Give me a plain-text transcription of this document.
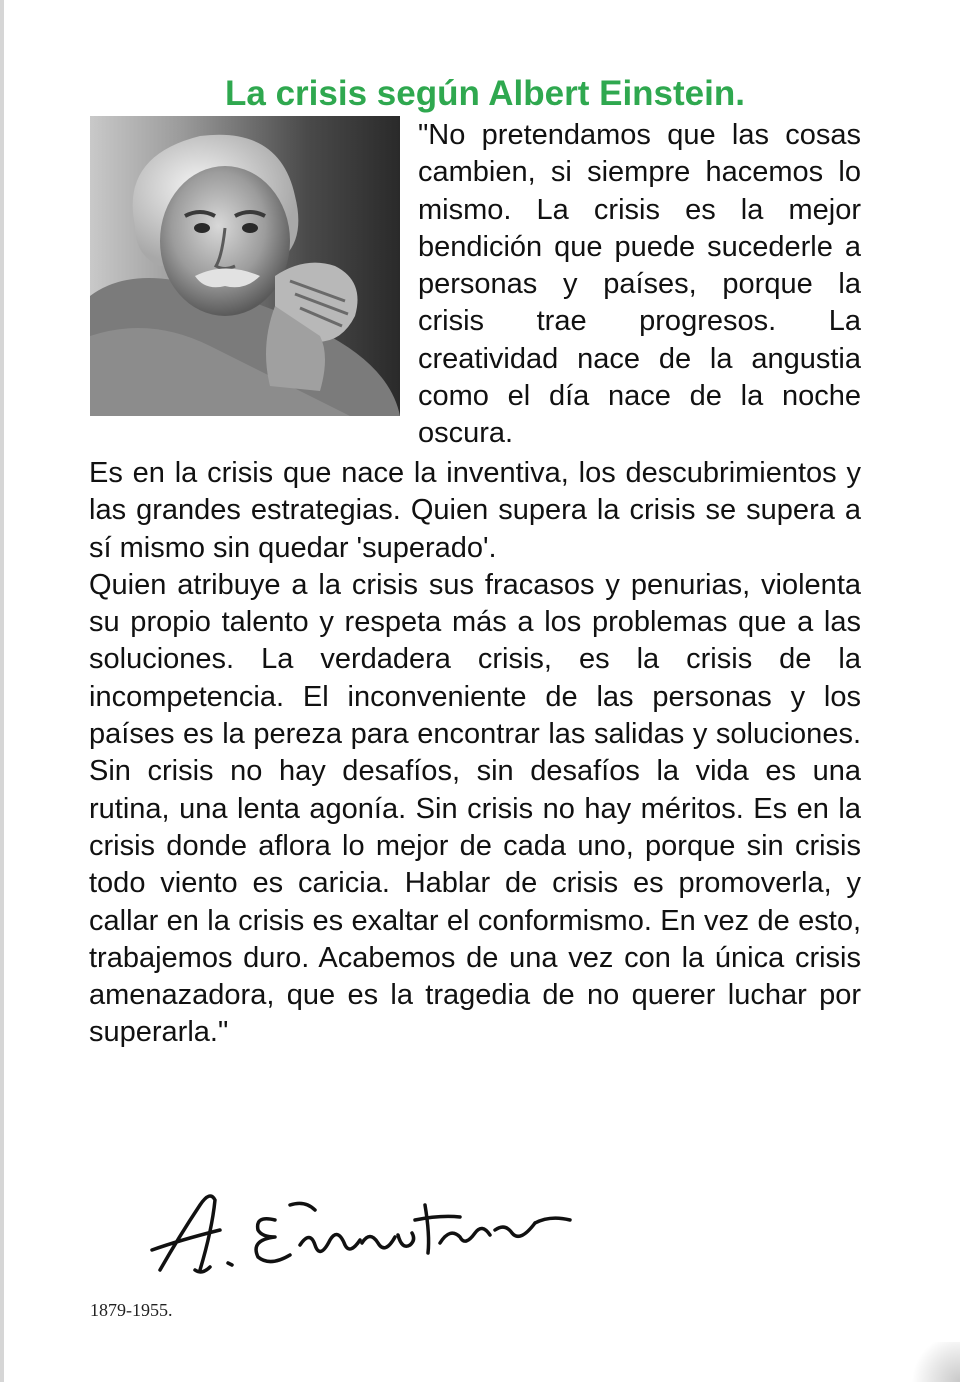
La crisis según Albert Einstein.

"No pretendamos que las cosas cambien, si siempre hacemos lo mismo. La crisis es la mejor bendición que puede sucederle a personas y países, porque la crisis trae progresos. La creatividad nace de la angustia como el día nace de la noche oscura.

Es en la crisis que nace la inventiva, los descubrimientos y las grandes estrategias. Quien supera la crisis se supera a sí mismo sin quedar 'superado'.

Quien atribuye a la crisis sus fracasos y penurias, violenta su propio talento y respeta más a los problemas que a las soluciones. La verdadera crisis, es la crisis de la incompetencia. El inconveniente de las personas y los países es la pereza para encontrar las salidas y soluciones. Sin crisis no hay desafíos, sin desafíos la vida es una rutina, una lenta agonía. Sin crisis no hay méritos. Es en la crisis donde aflora lo mejor de cada uno, porque sin crisis todo viento es caricia. Hablar de crisis es promoverla, y callar en la crisis es exaltar el conformismo. En vez de esto, trabajemos duro. Acabemos de una vez con la única crisis amenazadora, que es la tragedia de no querer luchar por superarla."

1879-1955.
